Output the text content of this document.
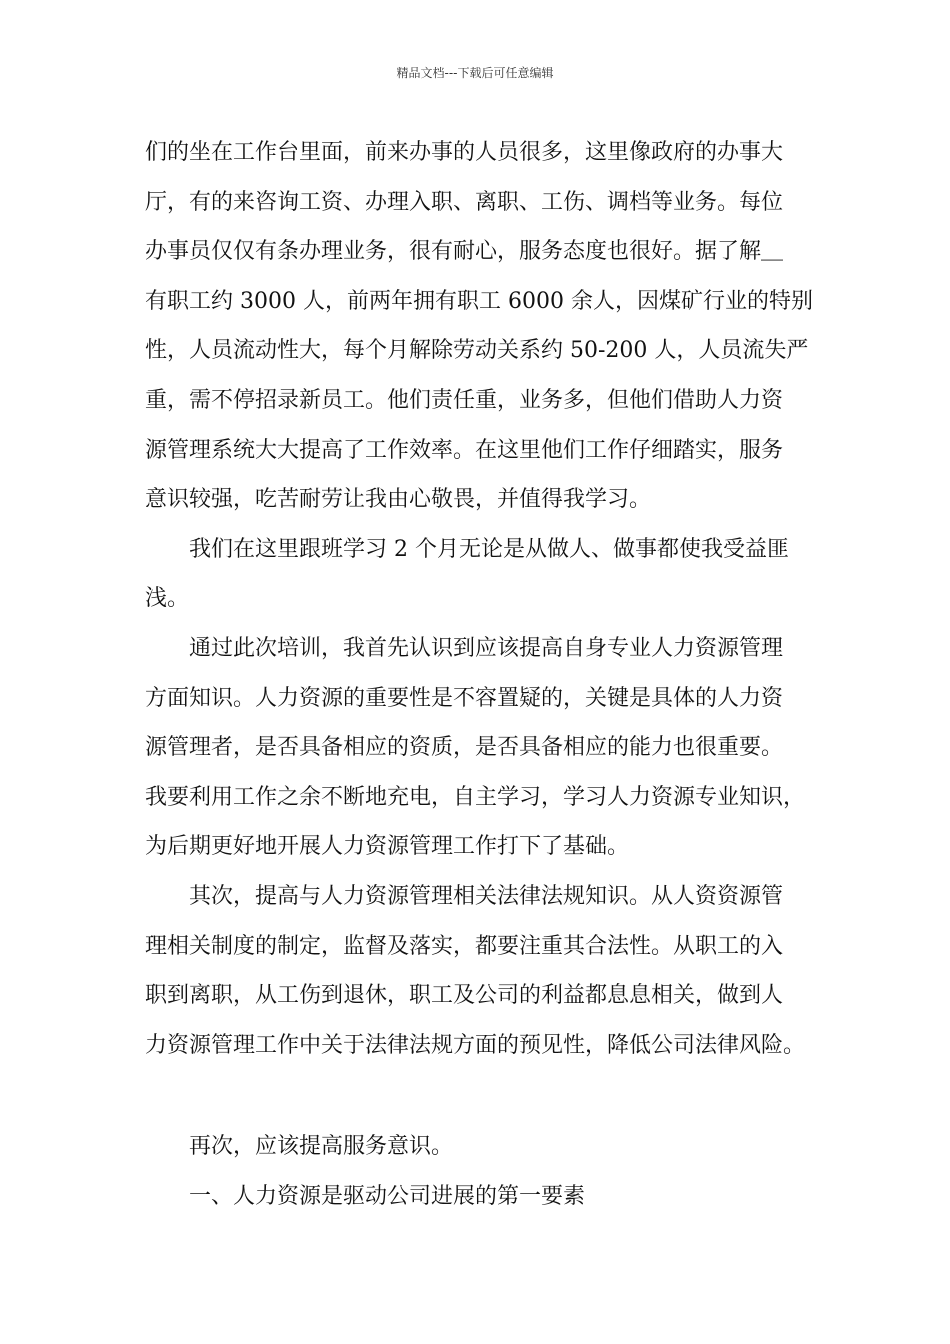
精品文档---下载后可任意编辑
们的坐在工作台里面，前来办事的人员很多，这里像政府的办事大
厅，有的来咨询工资、办理入职、离职、工伤、调档等业务。每位
办事员仅仅有条办理业务，很有耐心，服务态度也很好。据了解＿
有职工约 3000 人，前两年拥有职工 6000 余人，因煤矿行业的特别
性，人员流动性大，每个月解除劳动关系约 50-200 人，人员流失严
重，需不停招录新员工。他们责任重，业务多，但他们借助人力资
源管理系统大大提高了工作效率。在这里他们工作仔细踏实，服务
意识较强，吃苦耐劳让我由心敬畏，并值得我学习。
我们在这里跟班学习 2 个月无论是从做人、做事都使我受益匪
浅。
通过此次培训，我首先认识到应该提高自身专业人力资源管理
方面知识。人力资源的重要性是不容置疑的，关键是具体的人力资
源管理者，是否具备相应的资质，是否具备相应的能力也很重要。
我要利用工作之余不断地充电，自主学习，学习人力资源专业知识，
为后期更好地开展人力资源管理工作打下了基础。
其次，提高与人力资源管理相关法律法规知识。从人资资源管
理相关制度的制定，监督及落实，都要注重其合法性。从职工的入
职到离职，从工伤到退休，职工及公司的利益都息息相关，做到人
力资源管理工作中关于法律法规方面的预见性，降低公司法律风险。
再次，应该提高服务意识。
一、人力资源是驱动公司进展的第一要素
